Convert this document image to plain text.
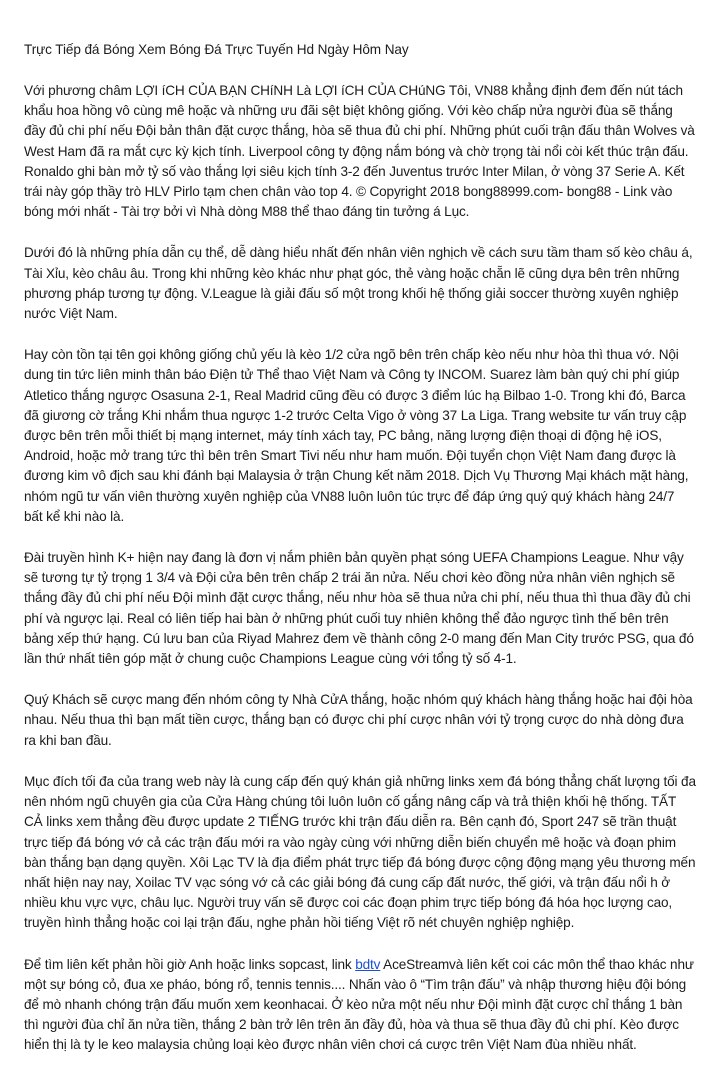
Trực Tiếp đá Bóng Xem Bóng Đá Trực Tuyến Hd Ngày Hôm Nay

Với phương châm LỢI íCH CỦA BẠN CHíNH Là LỢI íCH CỦA CHúNG Tôi, VN88 khẳng định đem đến nút tách khẩu hoa hồng vô cùng mê hoặc và những ưu đãi sệt biệt không giống. Với kèo chấp nửa người đùa sẽ thắng đầy đủ chi phí nếu Đội bản thân đặt cược thắng, hòa sẽ thua đủ chi phí. Những phút cuối trận đấu thân Wolves và West Ham đã ra mắt cực kỳ kịch tính. Liverpool công ty động nắm bóng và chờ trọng tài nổi còi kết thúc trận đấu. Ronaldo ghi bàn mở tỷ số vào thắng lợi siêu kịch tính 3-2 đến Juventus trước Inter Milan, ở vòng 37 Serie A. Kết trái này góp thầy trò HLV Pirlo tạm chen chân vào top 4. © Copyright 2018 bong88999.com- bong88 - Link vào bóng mới nhất - Tài trợ bởi vì Nhà dòng M88 thể thao đáng tin tưởng á Lục.

Dưới đó là những phía dẫn cụ thể, dễ dàng hiểu nhất đến nhân viên nghịch về cách sưu tầm tham số kèo châu á, Tài Xỉu, kèo châu âu. Trong khi những kèo khác như phạt góc, thẻ vàng hoặc chẵn lẽ cũng dựa bên trên những phương pháp tương tự động. V.League là giải đấu số một trong khối hệ thống giải soccer thường xuyên nghiệp nước Việt Nam.

Hay còn tồn tại tên gọi không giống chủ yếu là kèo 1/2 cửa ngõ bên trên chấp kèo nếu như hòa thì thua vớ. Nội dung tin tức liên minh thân báo Điện tử Thể thao Việt Nam và Công ty INCOM. Suarez làm bàn quý chi phí giúp Atletico thắng ngược Osasuna 2-1, Real Madrid cũng đều có được 3 điểm lúc hạ Bilbao 1-0. Trong khi đó, Barca đã giương cờ trắng Khi nhắm thua ngược 1-2 trước Celta Vigo ở vòng 37 La Liga. Trang website tư vấn truy cập được bên trên mỗi thiết bị mạng internet, máy tính xách tay, PC bảng, năng lượng điện thoại di động hệ iOS, Android, hoặc mở trang tức thì bên trên Smart Tivi nếu như ham muốn. Đội tuyển chọn Việt Nam đang được là đương kim vô địch sau khi đánh bại Malaysia ở trận Chung kết năm 2018. Dịch Vụ Thương Mại khách mặt hàng, nhóm ngũ tư vấn viên thường xuyên nghiệp của VN88 luôn luôn túc trực để đáp ứng quý quý khách hàng 24/7 bất kể khi nào là.

Đài truyền hình K+ hiện nay đang là đơn vị nắm phiên bản quyền phạt sóng UEFA Champions League. Như vậy sẽ tương tự tỷ trọng 1 3/4 và Đội cửa bên trên chấp 2 trái ăn nửa. Nếu chơi kèo đồng nửa nhân viên nghịch sẽ thắng đầy đủ chi phí nếu Đội mình đặt cược thắng, nếu như hòa sẽ thua nửa chi phí, nếu thua thì thua đầy đủ chi phí và ngược lại. Real có liên tiếp hai bàn ở những phút cuối tuy nhiên không thể đảo ngược tình thế bên trên bảng xếp thứ hạng. Cú lưu ban của Riyad Mahrez đem về thành công 2-0 mang đến Man City trước PSG, qua đó lần thứ nhất tiên góp mặt ở chung cuộc Champions League cùng với tổng tỷ số 4-1.

Quý Khách sẽ cược mang đến nhóm công ty Nhà CửA thắng, hoặc nhóm quý khách hàng thắng hoặc hai đội hòa nhau. Nếu thua thì bạn mất tiền cược, thắng bạn có được chi phí cược nhân với tỷ trọng cược do nhà dòng đưa ra khi ban đầu.

Mục đích tối đa của trang web này là cung cấp đến quý khán giả những links xem đá bóng thẳng chất lượng tối đa nên nhóm ngũ chuyên gia của Cửa Hàng chúng tôi luôn luôn cố gắng nâng cấp và trả thiện khối hệ thống. TẤT CẢ links xem thẳng đều được update 2 TIẾNG trước khi trận đấu diễn ra. Bên cạnh đó, Sport 247 sẽ trần thuật trực tiếp đá bóng vớ cả các trận đấu mới ra vào ngày cùng với những diễn biến chuyển mê hoặc và đoạn phim bàn thắng bạn dạng quyền. Xôi Lạc TV là địa điểm phát trực tiếp đá bóng được cộng động mạng yêu thương mến nhất hiện nay nay, Xoilac TV vạc sóng vớ cả các giải bóng đá cung cấp đất nước, thế giới, và trận đấu nổi h ở nhiều khu vực vực, châu lục. Người truy vấn sẽ được coi các đoạn phim trực tiếp bóng đá hóa học lượng cao, truyền hình thẳng hoặc coi lại trận đấu, nghe phản hồi tiếng Việt rõ nét chuyên nghiệp nghiệp.

Để tìm liên kết phản hồi giờ Anh hoặc links sopcast, link bdtv AceStreamvà liên kết coi các môn thể thao khác như một sự bóng cỏ, đua xe pháo, bóng rổ, tennis tennis.... Nhấn vào ô “Tìm trận đấu” và nhập thương hiệu đội bóng để mò nhanh chóng trận đấu muốn xem keonhacai. Ở kèo nửa một nếu như Đội mình đặt cược chỉ thắng 1 bàn thì người đùa chỉ ăn nửa tiền, thắng 2 bàn trở lên trên ăn đầy đủ, hòa và thua sẽ thua đầy đủ chi phí. Kèo được hiển thị là ty le keo malaysia chủng loại kèo được nhân viên chơi cá cược trên Việt Nam đùa nhiều nhất.
